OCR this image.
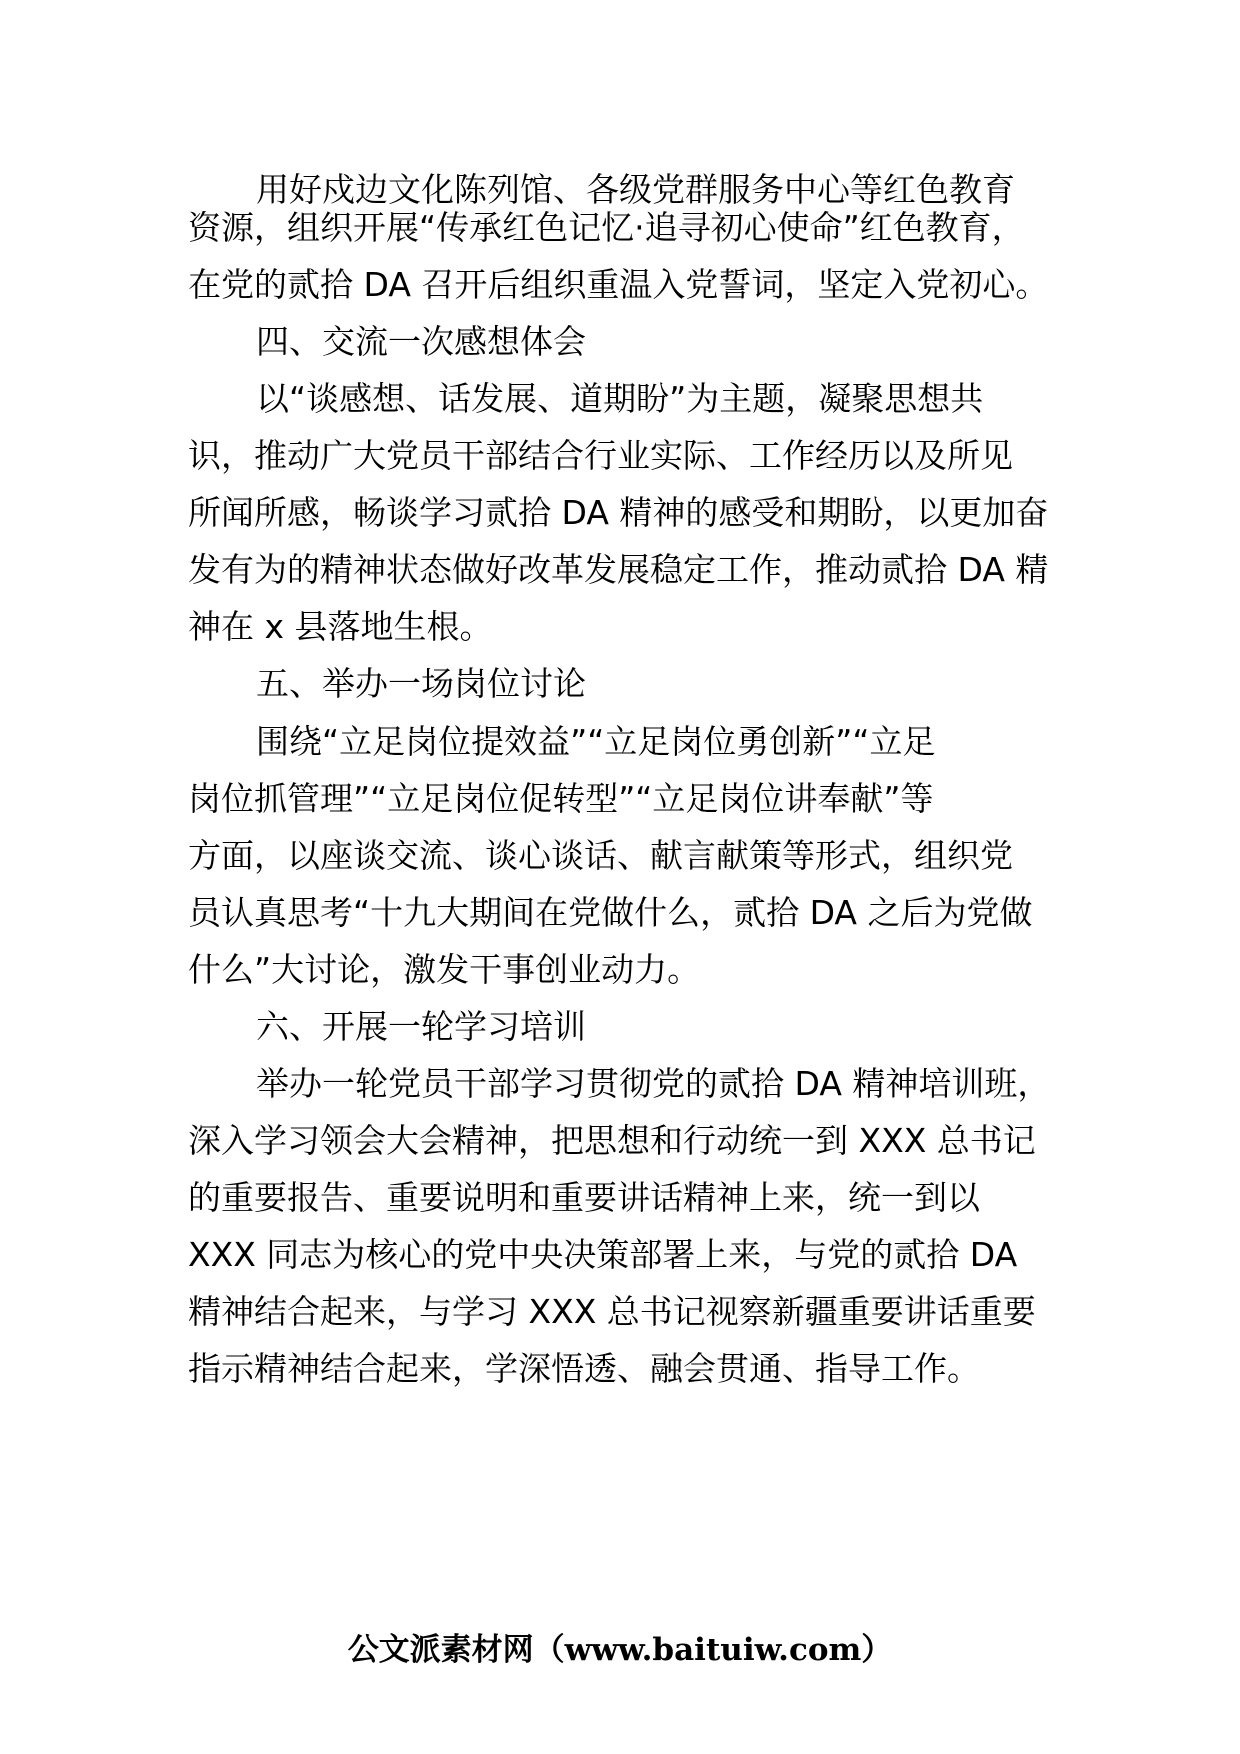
用好戍边文化陈列馆、各级党群服务中心等红色教育
资源，组织开展“传承红色记忆·追寻初心使命”红色教育，
在党的贰拾 DA 召开后组织重温入党誓词，坚定入党初心。
四、交流一次感想体会
以“谈感想、话发展、道期盼”为主题，凝聚思想共
识，推动广大党员干部结合行业实际、工作经历以及所见
所闻所感，畅谈学习贰拾 DA 精神的感受和期盼，以更加奋
发有为的精神状态做好改革发展稳定工作，推动贰拾 DA 精
神在 x 县落地生根。
五、举办一场岗位讨论
围绕“立足岗位提效益”“立足岗位勇创新”“立足
岗位抓管理”“立足岗位促转型”“立足岗位讲奉献”等
方面，以座谈交流、谈心谈话、献言献策等形式，组织党
员认真思考“十九大期间在党做什么，贰拾 DA 之后为党做
什么”大讨论，激发干事创业动力。
六、开展一轮学习培训
举办一轮党员干部学习贯彻党的贰拾 DA 精神培训班，
深入学习领会大会精神，把思想和行动统一到 XXX 总书记
的重要报告、重要说明和重要讲话精神上来，统一到以
XXX 同志为核心的党中央决策部署上来，与党的贰拾 DA
精神结合起来，与学习 XXX 总书记视察新疆重要讲话重要
指示精神结合起来，学深悟透、融会贯通、指导工作。
公文派素材网（www.baituiw.com）
